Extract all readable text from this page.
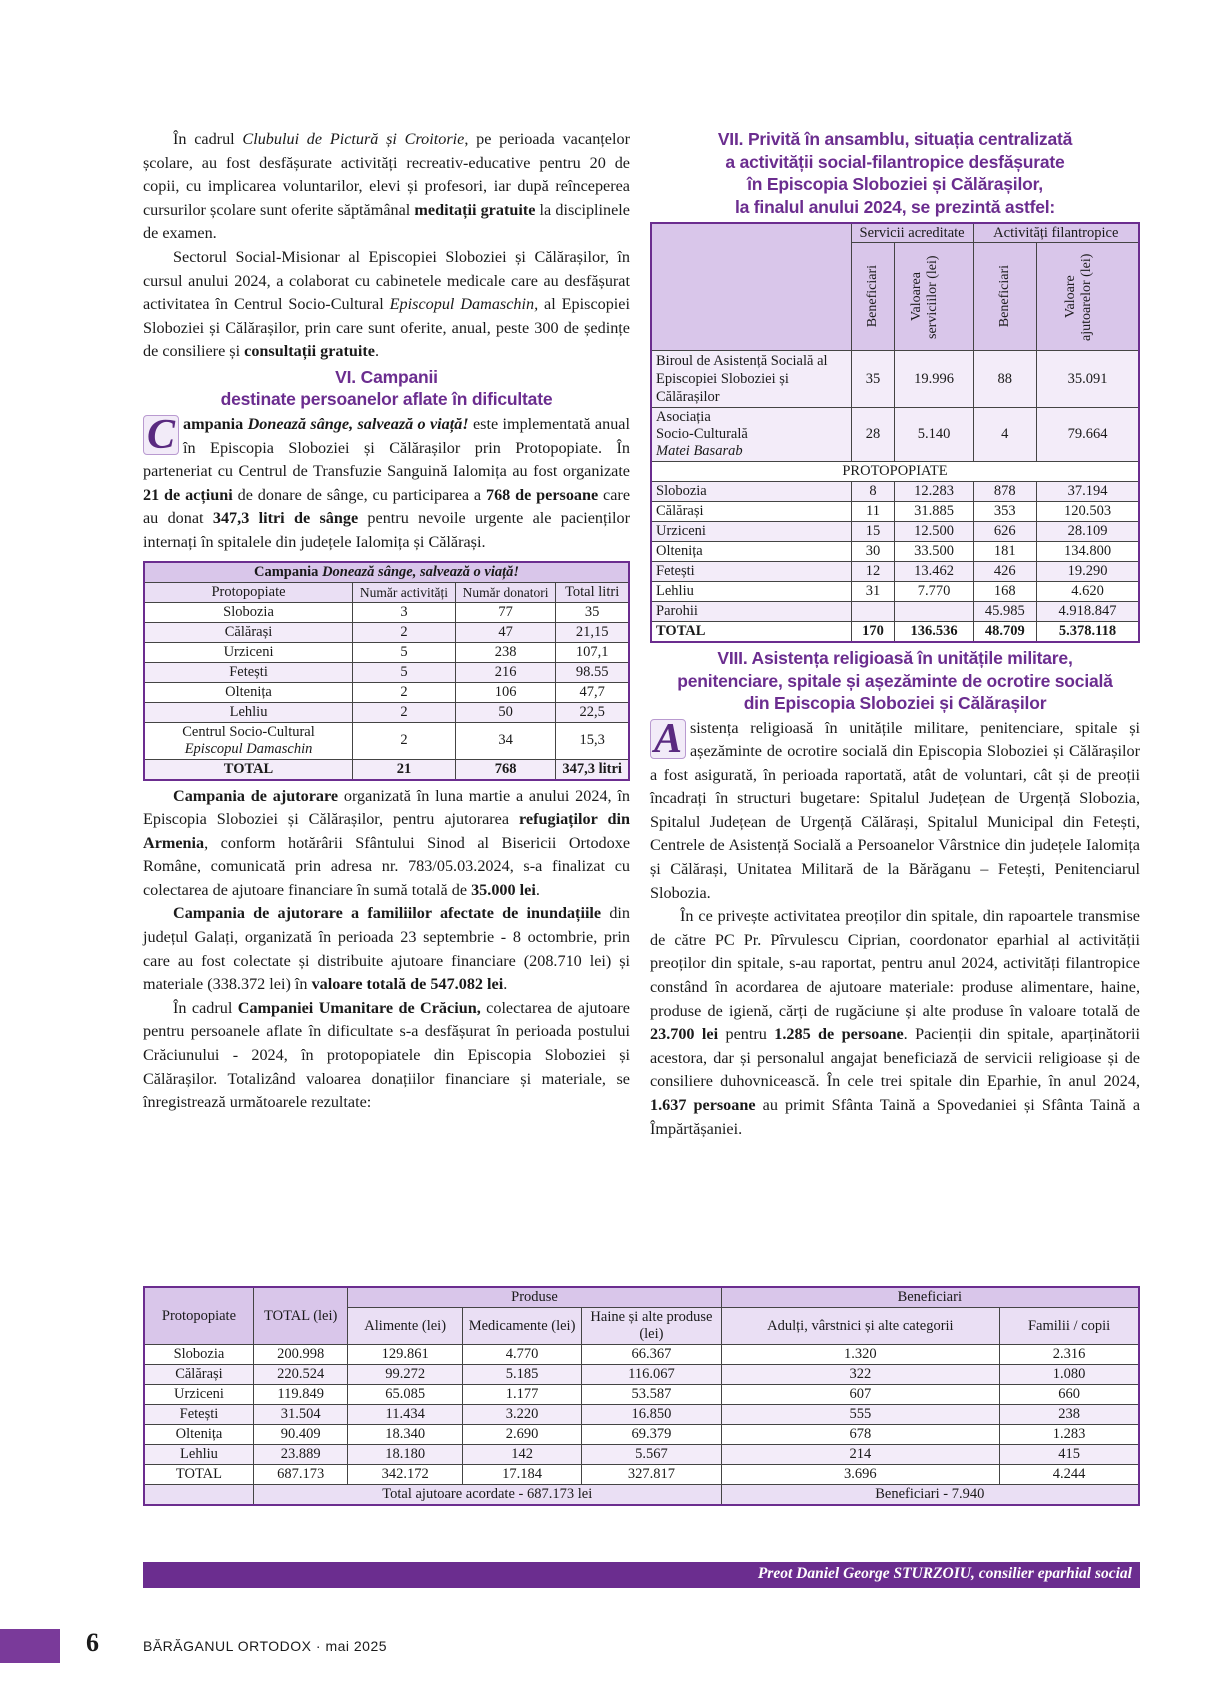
În cadrul Clubului de Pictură și Croitorie, pe perioada vacanțelor școlare, au fost desfășurate activități recreativ-educative pentru 20 de copii, cu implicarea voluntarilor, elevi și profesori, iar după reînceperea cursurilor școlare sunt oferite săptămânal meditații gratuite la disciplinele de examen.

Sectorul Social-Misionar al Episcopiei Sloboziei și Călărașilor, în cursul anului 2024, a colaborat cu cabinetele medicale care au desfășurat activitatea în Centrul Socio-Cultural Episcopul Damaschin, al Episcopiei Sloboziei și Călărașilor, prin care sunt oferite, anual, peste 300 de ședințe de consiliere și consultații gratuite.

VI. Campanii
destinate persoanelor aflate în dificultate

C ampania Donează sânge, salvează o viață! este implementată anual în Episcopia Sloboziei și Călărașilor prin Protopopiate. În parteneriat cu Centrul de Transfuzie Sanguină Ialomița au fost organizate 21 de acțiuni de donare de sânge, cu participarea a 768 de persoane care au donat 347,3 litri de sânge pentru nevoile urgente ale pacienților internați în spitalele din județele Ialomița și Călărași.

Campania Donează sânge, salvează o viață!			
Protopopiate	Număr activități	Număr donatori	Total litri
Slobozia	3	77	35
Călărași	2	47	21,15
Urziceni	5	238	107,1
Fetești	5	216	98.55
Oltenița	2	106	47,7
Lehliu	2	50	22,5

Centrul Socio-Cultural
Episcopul Damaschin	2	34	15,3
TOTAL	21	768	347,3 litri

Campania de ajutorare organizată în luna martie a anului 2024, în Episcopia Sloboziei și Călărașilor, pentru ajutorarea refugiaților din Armenia, conform hotărârii Sfântului Sinod al Bisericii Ortodoxe Române, comunicată prin adresa nr. 783/05.03.2024, s-a finalizat cu colectarea de ajutoare financiare în sumă totală de 35.000 lei.

Campania de ajutorare a familiilor afectate de inundațiile din județul Galați, organizată în perioada 23 septembrie - 8 octombrie, prin care au fost colectate și distribuite ajutoare financiare (208.710 lei) și materiale (338.372 lei) în valoare totală de 547.082 lei.

În cadrul Campaniei Umanitare de Crăciun, colectarea de ajutoare pentru persoanele aflate în dificultate s-a desfășurat în perioada postului Crăciunului - 2024, în protopopiatele din Episcopia Sloboziei și Călărașilor. Totalizând valoarea donațiilor financiare și materiale, se înregistrează următoarele rezultate:

VII. Privită în ansamblu, situația centralizată
a activității social-filantropice desfășurate
în Episcopia Sloboziei și Călărașilor,
la finalul anului 2024, se prezintă astfel:
	Servicii acreditate		Activități filantropice	

	Beneficiari	Valoarea serviciilor (lei)	Beneficiari	Valoare ajutoarelor (lei)

Biroul de Asistență Socială al Episcopiei Sloboziei și Călărașilor	35	19.996	88	35.091

Asociația
Socio-Culturală
Matei Basarab	28	5.140	4	79.664
PROTOPOPIATE				
Slobozia	8	12.283	878	37.194
Călărași	11	31.885	353	120.503
Urziceni	15	12.500	626	28.109
Oltenița	30	33.500	181	134.800
Fetești	12	13.462	426	19.290
Lehliu	31	7.770	168	4.620
Parohii			45.985	4.918.847
TOTAL	170	136.536	48.709	5.378.118
VIII. Asistența religioasă în unitățile militare,
penitenciare, spitale și așezăminte de ocrotire socială
din Episcopia Sloboziei și Călărașilor

A sistența religioasă în unitățile militare, penitenciare, spitale și așezăminte de ocrotire socială din Episcopia Sloboziei și Călărașilor a fost asigurată, în perioada raportată, atât de voluntari, cât și de preoții încadrați în structuri bugetare: Spitalul Județean de Urgență Slobozia, Spitalul Județean de Urgență Călărași, Spitalul Municipal din Fetești, Centrele de Asistență Socială a Persoanelor Vârstnice din județele Ialomița și Călărași, Unitatea Militară de la Bărăganu – Fetești, Penitenciarul Slobozia.

În ce privește activitatea preoților din spitale, din rapoartele transmise de către PC Pr. Pîrvulescu Ciprian, coordonator eparhial al activității preoților din spitale, s-au raportat, pentru anul 2024, activități filantropice constând în acordarea de ajutoare materiale: produse alimentare, haine, produse de igienă, cărți de rugăciune și alte produse în valoare totală de 23.700 lei pentru 1.285 de persoane. Pacienții din spitale, aparținătorii acestora, dar și personalul angajat beneficiază de servicii religioase și de consiliere duhovnicească. În cele trei spitale din Eparhie, în anul 2024, 1.637 persoane au primit Sfânta Taină a Spovedaniei și Sfânta Taină a Împărtășaniei.

Protopopiate	TOTAL (lei)	Produse			Beneficiari	
		Alimente (lei)	Medicamente (lei)	Haine și alte produse (lei)	Adulți, vârstnici și alte categorii	Familii / copii
Slobozia	200.998	129.861	4.770	66.367	1.320	2.316
Călărași	220.524	99.272	5.185	116.067	322	1.080
Urziceni	119.849	65.085	1.177	53.587	607	660
Fetești	31.504	11.434	3.220	16.850	555	238
Oltenița	90.409	18.340	2.690	69.379	678	1.283
Lehliu	23.889	18.180	142	5.567	214	415
TOTAL	687.173	342.172	17.184	327.817	3.696	4.244
	Total ajutoare acordate - 687.173 lei				Beneficiari - 7.940	
Preot Daniel George STURZOIU, consilier eparhial social
6	BĂRĂGANUL ORTODOX · mai 2025
